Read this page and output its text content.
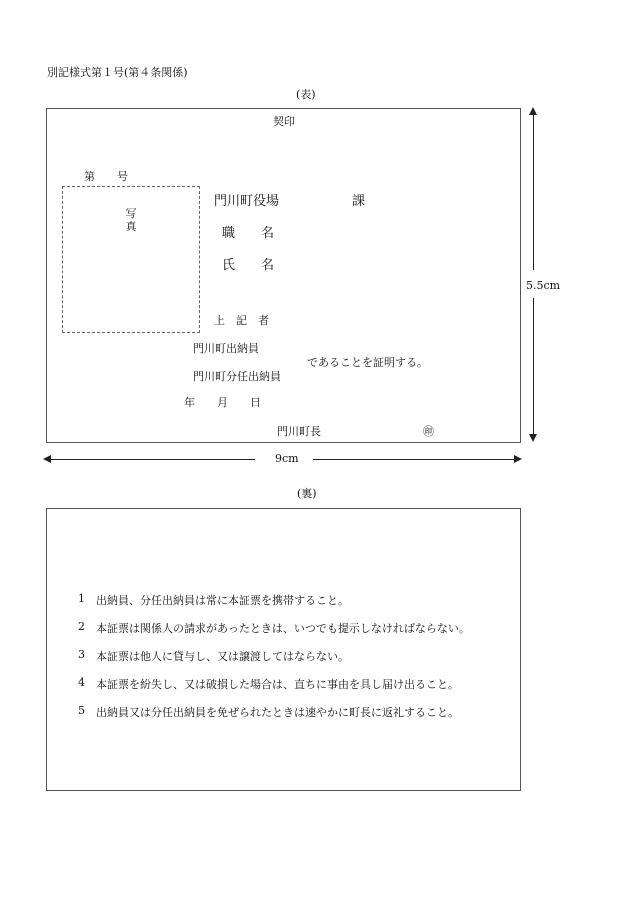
別記様式第１号(第４条関係)
(表)
契印
第　　号
写
真
門川町役場	課
職　　名
氏　　名
上　記　者
門川町出納員
門川町分任出納員
であることを証明する。
年　　月　　日
門川町長	㊞
5.5cm
9cm
(裏)
1 出納員、分任出納員は常に本証票を携帯すること。
2 本証票は関係人の請求があったときは、いつでも提示しなければならない。
3 本証票は他人に貸与し、又は譲渡してはならない。
4 本証票を紛失し、又は破損した場合は、直ちに事由を具し届け出ること。
5 出納員又は分任出納員を免ぜられたときは速やかに町長に返礼すること。
